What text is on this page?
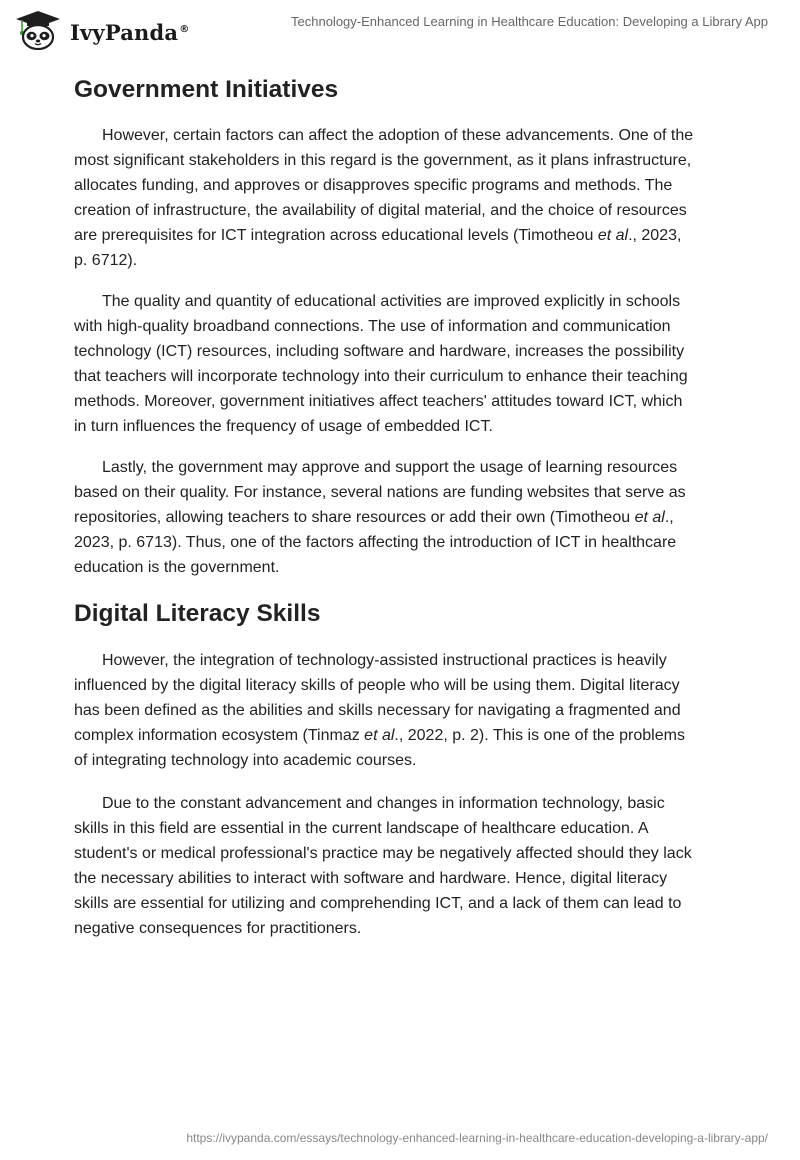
IvyPanda®
Technology-Enhanced Learning in Healthcare Education: Developing a Library App
Government Initiatives

However, certain factors can affect the adoption of these advancements. One of the
most significant stakeholders in this regard is the government, as it plans infrastructure,
allocates funding, and approves or disapproves specific programs and methods. The
creation of infrastructure, the availability of digital material, and the choice of resources
are prerequisites for ICT integration across educational levels (Timotheou et al., 2023,
p. 6712).

The quality and quantity of educational activities are improved explicitly in schools
with high-quality broadband connections. The use of information and communication
technology (ICT) resources, including software and hardware, increases the possibility
that teachers will incorporate technology into their curriculum to enhance their teaching
methods. Moreover, government initiatives affect teachers' attitudes toward ICT, which
in turn influences the frequency of usage of embedded ICT.

Lastly, the government may approve and support the usage of learning resources
based on their quality. For instance, several nations are funding websites that serve as
repositories, allowing teachers to share resources or add their own (Timotheou et al.,
2023, p. 6713). Thus, one of the factors affecting the introduction of ICT in healthcare
education is the government.

Digital Literacy Skills

However, the integration of technology-assisted instructional practices is heavily
influenced by the digital literacy skills of people who will be using them. Digital literacy
has been defined as the abilities and skills necessary for navigating a fragmented and
complex information ecosystem (Tinmaz et al., 2022, p. 2). This is one of the problems
of integrating technology into academic courses.

Due to the constant advancement and changes in information technology, basic
skills in this field are essential in the current landscape of healthcare education. A
student's or medical professional's practice may be negatively affected should they lack
the necessary abilities to interact with software and hardware. Hence, digital literacy
skills are essential for utilizing and comprehending ICT, and a lack of them can lead to
negative consequences for practitioners.

https://ivypanda.com/essays/technology-enhanced-learning-in-healthcare-education-developing-a-library-app/
